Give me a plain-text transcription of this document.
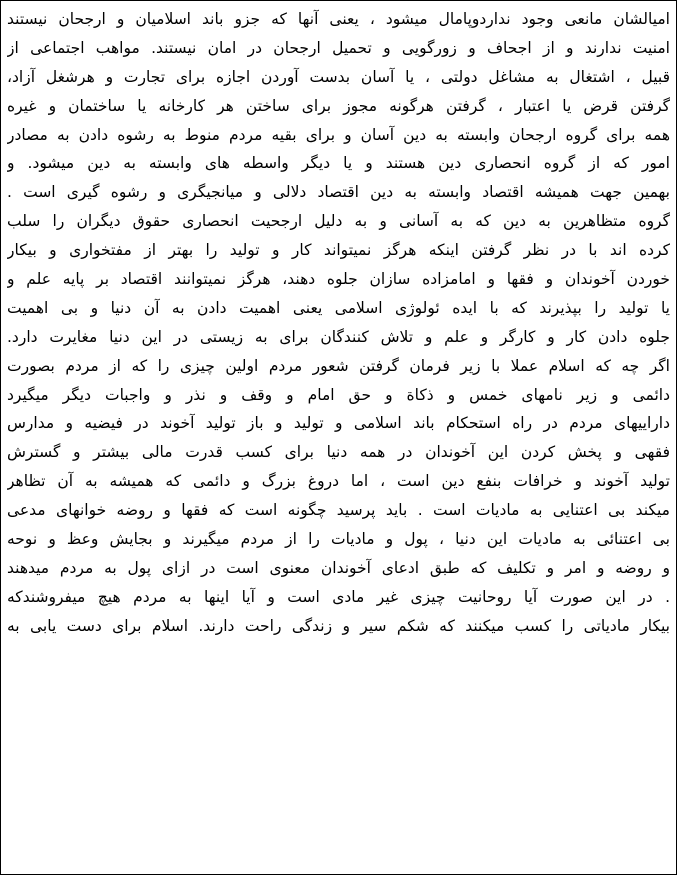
امیالشان مانعی وجود نداردوپامال میشود ، یعنی آنها که جزو باند اسلامیان و ارجحان نیستند
امنیت ندارند و از اجحاف و زورگویی و تحمیل ارجحان در امان نیستند. مواهب اجتماعی از
قبیل ، اشتغال به مشاغل دولتی ، یا آسان بدست آوردن اجازه برای تجارت و هرشغل آزاد،
گرفتن قرض یا اعتبار ، گرفتن هرگونه مجوز برای ساختن هر کارخانه یا ساختمان و غیره
همه برای گروه ارجحان وابسته به دین آسان و برای بقیه مردم منوط به رشوه دادن به مصادر
امور که از گروه انحصاری دین هستند و یا دیگر واسطه های وابسته به دین میشود. و
بهمین جهت همیشه اقتصاد وابسته به دین اقتصاد دلالی و میانجیگری و رشوه گیری است .
گروه متظاهرین به دین که به آسانی و به دلیل ارجحیت انحصاری حقوق دیگران را سلب
کرده اند با در نظر گرفتن اینکه هرگز نمیتواند کار و تولید را بهتر از مفتخواری و بیکار
خوردن آخوندان و فقها و امامزاده سازان جلوه دهند، هرگز نمیتوانند اقتصاد بر پایه علم و
یا تولید را بپذیرند که با ایده ئولوژی اسلامی یعنی اهمیت دادن به آن دنیا و بی اهمیت
جلوه دادن کار و کارگر و علم و تلاش کنندگان برای به زیستی در این دنیا مغایرت دارد.
اگر چه که اسلام عملا با زیر فرمان گرفتن شعور مردم اولین چیزی را که از مردم بصورت
دائمی و زیر نامهای خمس و ذکاة و حق امام و وقف و نذر و واجبات دیگر میگیرد
داراییهای مردم در راه استحکام باند اسلامی و تولید و باز تولید آخوند در فیضیه و مدارس
فقهی و پخش کردن این آخوندان در همه دنیا برای کسب قدرت مالی بیشتر و گسترش
تولید آخوند و خرافات بنفع دین است ، اما دروغ بزرگ و دائمی که همیشه به آن تظاهر
میکند بی اعتنایی به مادیات است . باید پرسید چگونه است که فقها و روضه خوانهای مدعی
بی اعتنائی به مادیات این دنیا ، پول و مادیات را از مردم میگیرند و بجایش وعظ و نوحه
و روضه و امر و تکلیف که طبق ادعای آخوندان معنوی است در ازای پول به مردم میدهند
. در این صورت آیا روحانیت چیزی غیر مادی است و آیا اینها به مردم هیچ میفروشندکه
بیکار مادیاتی را کسب میکنند که شکم سیر و زندگی راحت دارند. اسلام برای دست یابی به
